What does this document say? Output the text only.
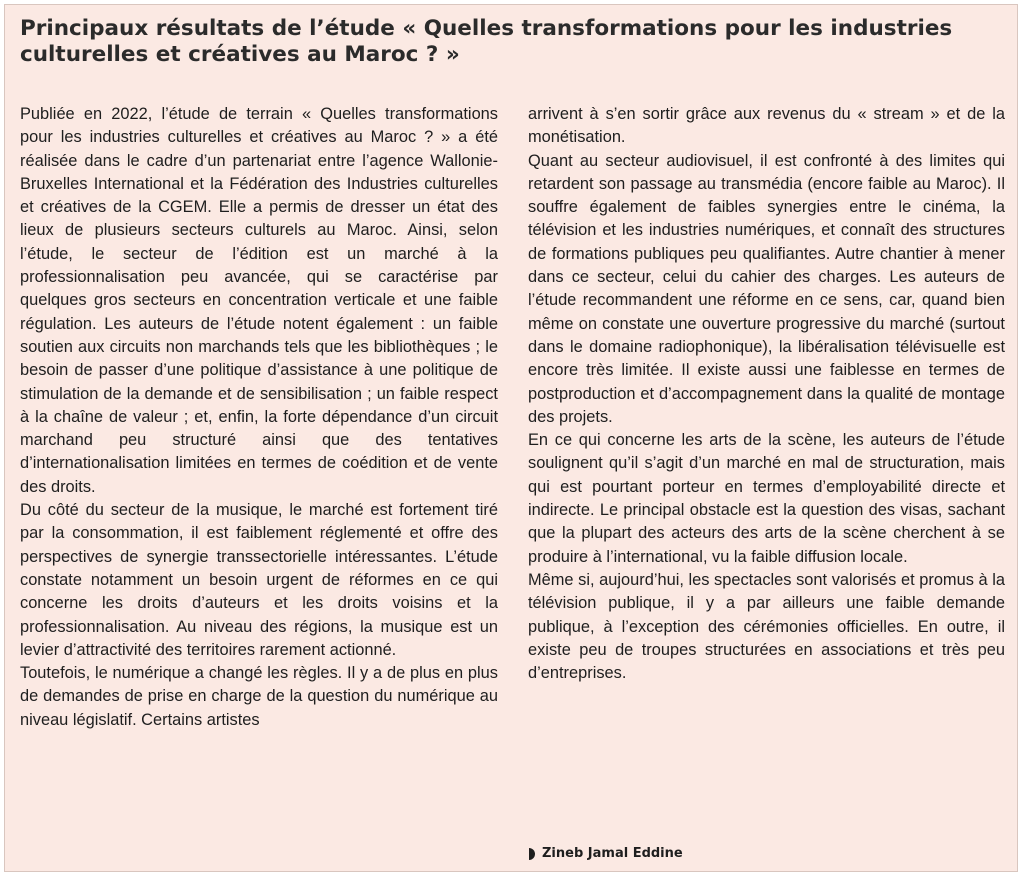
Principaux résultats de l’étude « Quelles transformations pour les industries culturelles et créatives au Maroc ? »

Publiée en 2022, l’étude de terrain « Quelles transformations pour les industries culturelles et créatives au Maroc ? » a été réalisée dans le cadre d’un partenariat entre l’agence Wallonie-Bruxelles International et la Fédération des Industries culturelles et créatives de la CGEM. Elle a permis de dresser un état des lieux de plusieurs secteurs culturels au Maroc. Ainsi, selon l’étude, le secteur de l’édition est un marché à la professionnalisation peu avancée, qui se caractérise par quelques gros secteurs en concentration verticale et une faible régulation. Les auteurs de l’étude notent également : un faible soutien aux circuits non marchands tels que les bibliothèques ; le besoin de passer d’une politique d’assistance à une politique de stimulation de la demande et de sensibilisation ; un faible respect à la chaîne de valeur ; et, enfin, la forte dépendance d’un circuit marchand peu structuré ainsi que des tentatives d’internationalisation limitées en termes de coédition et de vente des droits.

Du côté du secteur de la musique, le marché est fortement tiré par la consommation, il est faiblement réglementé et offre des perspectives de synergie transsectorielle intéressantes. L’étude constate notamment un besoin urgent de réformes en ce qui concerne les droits d’auteurs et les droits voisins et la professionnalisation. Au niveau des régions, la musique est un levier d’attractivité des territoires rarement actionné.

Toutefois, le numérique a changé les règles. Il y a de plus en plus de demandes de prise en charge de la question du numérique au niveau législatif. Certains artistes

arrivent à s’en sortir grâce aux revenus du « stream » et de la monétisation.

Quant au secteur audiovisuel, il est confronté à des limites qui retardent son passage au transmédia (encore faible au Maroc). Il souffre également de faibles synergies entre le cinéma, la télévision et les industries numériques, et connaît des structures de formations publiques peu qualifiantes. Autre chantier à mener dans ce secteur, celui du cahier des charges. Les auteurs de l’étude recommandent une réforme en ce sens, car, quand bien même on constate une ouverture progressive du marché (surtout dans le domaine radiophonique), la libéralisation télévisuelle est encore très limitée. Il existe aussi une faiblesse en termes de postproduction et d’accompagnement dans la qualité de montage des projets.

En ce qui concerne les arts de la scène, les auteurs de l’étude soulignent qu’il s’agit d’un marché en mal de structuration, mais qui est pourtant porteur en termes d’employabilité directe et indirecte. Le principal obstacle est la question des visas, sachant que la plupart des acteurs des arts de la scène cherchent à se produire à l’international, vu la faible diffusion locale.

Même si, aujourd’hui, les spectacles sont valorisés et promus à la télévision publique, il y a par ailleurs une faible demande publique, à l’exception des cérémonies officielles. En outre, il existe peu de troupes structurées en associations et très peu d’entreprises.

Zineb Jamal Eddine
